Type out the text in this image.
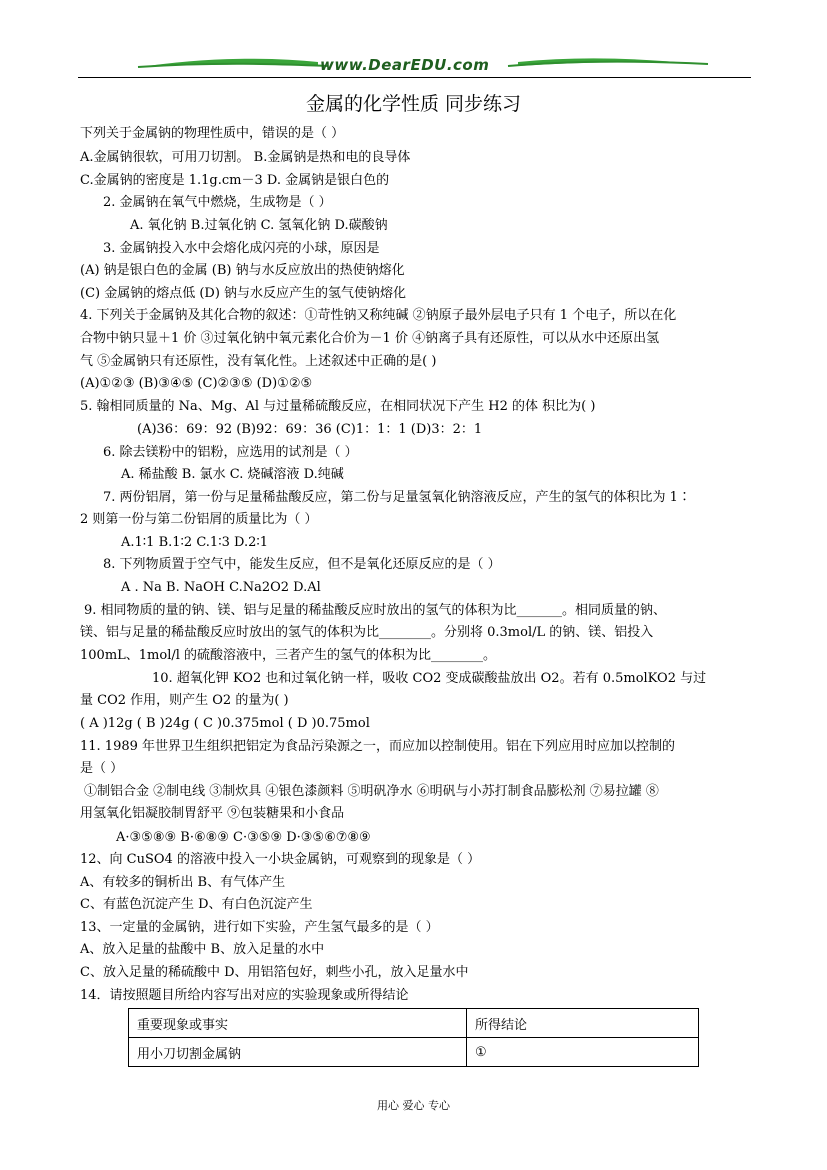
www.DearEDU.com
金属的化学性质 同步练习
下列关于金属钠的物理性质中，错误的是（ ）
A.金属钠很软，可用刀切割。 B.金属钠是热和电的良导体
C.金属钠的密度是 1.1g.cm－3 D. 金属钠是银白色的
2. 金属钠在氧气中燃烧，生成物是（ ）
A. 氧化钠 B.过氧化钠 C. 氢氧化钠 D.碳酸钠
3. 金属钠投入水中会熔化成闪亮的小球，原因是
(A) 钠是银白色的金属 (B) 钠与水反应放出的热使钠熔化
(C) 金属钠的熔点低 (D) 钠与水反应产生的氢气使钠熔化
4. 下列关于金属钠及其化合物的叙述：①苛性钠又称纯碱 ②钠原子最外层电子只有 1 个电子，所以在化
合物中钠只显＋1 价 ③过氧化钠中氧元素化合价为－1 价 ④钠离子具有还原性，可以从水中还原出氢
气 ⑤金属钠只有还原性，没有氧化性。上述叙述中正确的是( )
(A)①②③ (B)③④⑤ (C)②③⑤ (D)①②⑤
5. 翰相同质量的 Na、Mg、Al 与过量稀硫酸反应，在相同状况下产生 H2 的体 积比为( )
(A)36：69：92 (B)92：69：36 (C)1：1：1 (D)3：2：1
6. 除去镁粉中的铝粉，应选用的试剂是（ ）
A. 稀盐酸 B. 氯水 C. 烧碱溶液 D.纯碱
7. 两份铝屑，第一份与足量稀盐酸反应，第二份与足量氢氧化钠溶液反应，产生的氢气的体积比为 1∶
2 则第一份与第二份铝屑的质量比为（ ）
A.1∶1 B.1∶2 C.1∶3 D.2∶1
8. 下列物质置于空气中，能发生反应，但不是氧化还原反应的是（ ）
A . Na B. NaOH C.Na2O2 D.Al
9. 相同物质的量的钠、镁、铝与足量的稀盐酸反应时放出的氢气的体积为比_______。相同质量的钠、
镁、铝与足量的稀盐酸反应时放出的氢气的体积为比________。分别将 0.3mol/L 的钠、镁、铝投入
100mL、1mol/l 的硫酸溶液中，三者产生的氢气的体积为比________。
10. 超氧化钾 KO2 也和过氧化钠一样，吸收 CO2 变成碳酸盐放出 O2。若有 0.5molKO2 与过
量 CO2 作用，则产生 O2 的量为( )
( A )12g ( B )24g ( C )0.375mol ( D )0.75mol
11. 1989 年世界卫生组织把铝定为食品污染源之一，而应加以控制使用。铝在下列应用时应加以控制的
是（ ）
①制铝合金 ②制电线 ③制炊具 ④银色漆颜料 ⑤明矾净水 ⑥明矾与小苏打制食品膨松剂 ⑦易拉罐 ⑧
用氢氧化铝凝胶制胃舒平 ⑨包装糖果和小食品
A·③⑤⑧⑨ B·⑥⑧⑨ C·③⑤⑨ D·③⑤⑥⑦⑧⑨
12、向 CuSO4 的溶液中投入一小块金属钠，可观察到的现象是（ ）
A、有较多的铜析出 B、有气体产生
C、有蓝色沉淀产生 D、有白色沉淀产生
13、一定量的金属钠，进行如下实验，产生氢气最多的是（ ）
A、放入足量的盐酸中 B、放入足量的水中
C、放入足量的稀硫酸中 D、用铝箔包好，刺些小孔，放入足量水中
14．请按照题目所给内容写出对应的实验现象或所得结论
重要现象或事实	所得结论
用小刀切割金属钠	①
用心 爱心 专心
